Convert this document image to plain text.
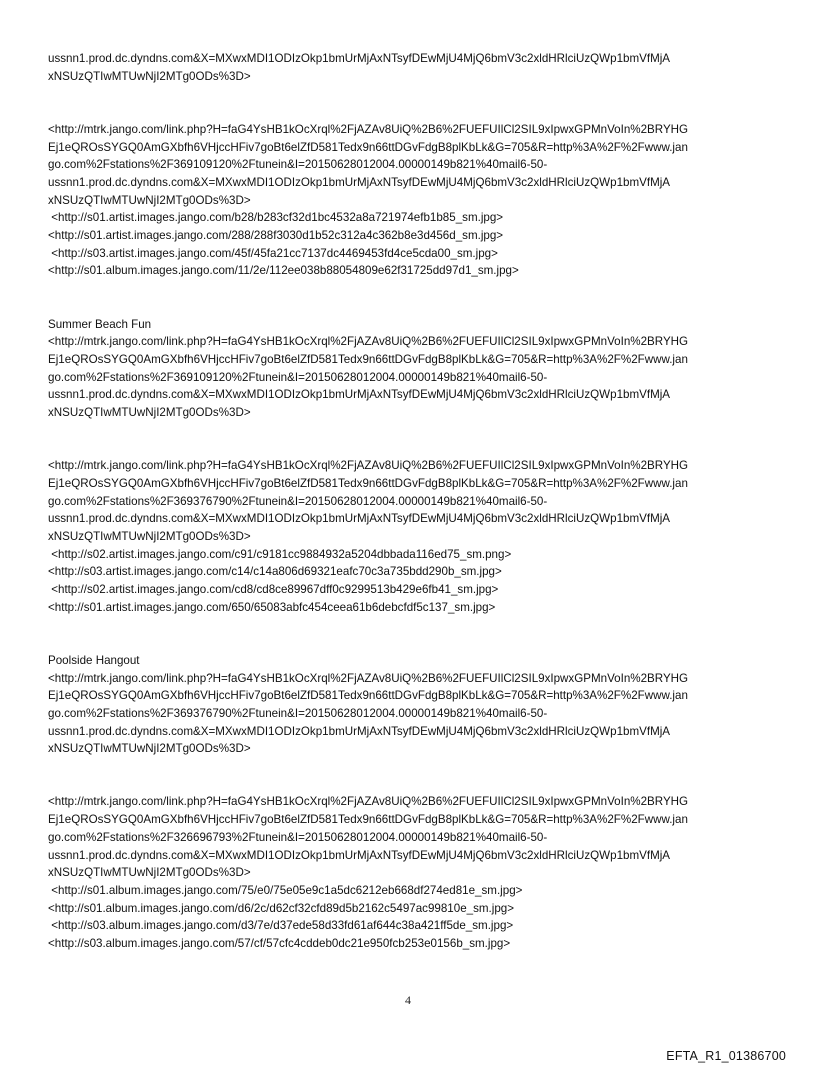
ussnn1.prod.dc.dyndns.com&X=MXwxMDI1ODIzOkp1bmUrMjAxNTsyfDEwMjU4MjQ6bmV3c2xldHRlciUzQWp1bmVfMjA
xNSUzQTIwMTUwNjI2MTg0ODs%3D>
<http://mtrk.jango.com/link.php?H=faG4YsHB1kOcXrql%2FjAZAv8UiQ%2B6%2FUEFUIlCl2SIL9xIpwxGPMnVoIn%2BRYHG
Ej1eQROsSYGQ0AmGXbfh6VHjccHFiv7goBt6elZfD581Tedx9n66ttDGvFdgB8plKbLk&G=705&R=http%3A%2F%2Fwww.jan
go.com%2Fstations%2F369109120%2Ftunein&I=20150628012004.00000149b821%40mail6-50-
ussnn1.prod.dc.dyndns.com&X=MXwxMDI1ODIzOkp1bmUrMjAxNTsyfDEwMjU4MjQ6bmV3c2xldHRlciUzQWp1bmVfMjA
xNSUzQTIwMTUwNjI2MTg0ODs%3D>
<http://s01.artist.images.jango.com/b28/b283cf32d1bc4532a8a721974efb1b85_sm.jpg>
<http://s01.artist.images.jango.com/288/288f3030d1b52c312a4c362b8e3d456d_sm.jpg>
<http://s03.artist.images.jango.com/45f/45fa21cc7137dc4469453fd4ce5cda00_sm.jpg>
<http://s01.album.images.jango.com/11/2e/112ee038b88054809e62f31725dd97d1_sm.jpg>
Summer Beach Fun
<http://mtrk.jango.com/link.php?H=faG4YsHB1kOcXrql%2FjAZAv8UiQ%2B6%2FUEFUIlCl2SIL9xIpwxGPMnVoIn%2BRYHG
Ej1eQROsSYGQ0AmGXbfh6VHjccHFiv7goBt6elZfD581Tedx9n66ttDGvFdgB8plKbLk&G=705&R=http%3A%2F%2Fwww.jan
go.com%2Fstations%2F369109120%2Ftunein&I=20150628012004.00000149b821%40mail6-50-
ussnn1.prod.dc.dyndns.com&X=MXwxMDI1ODIzOkp1bmUrMjAxNTsyfDEwMjU4MjQ6bmV3c2xldHRlciUzQWp1bmVfMjA
xNSUzQTIwMTUwNjI2MTg0ODs%3D>
<http://mtrk.jango.com/link.php?H=faG4YsHB1kOcXrql%2FjAZAv8UiQ%2B6%2FUEFUIlCl2SIL9xIpwxGPMnVoIn%2BRYHG
Ej1eQROsSYGQ0AmGXbfh6VHjccHFiv7goBt6elZfD581Tedx9n66ttDGvFdgB8plKbLk&G=705&R=http%3A%2F%2Fwww.jan
go.com%2Fstations%2F369376790%2Ftunein&I=20150628012004.00000149b821%40mail6-50-
ussnn1.prod.dc.dyndns.com&X=MXwxMDI1ODIzOkp1bmUrMjAxNTsyfDEwMjU4MjQ6bmV3c2xldHRlciUzQWp1bmVfMjA
xNSUzQTIwMTUwNjI2MTg0ODs%3D>
<http://s02.artist.images.jango.com/c91/c9181cc9884932a5204dbbada116ed75_sm.png>
<http://s03.artist.images.jango.com/c14/c14a806d69321eafc70c3a735bdd290b_sm.jpg>
<http://s02.artist.images.jango.com/cd8/cd8ce89967dff0c9299513b429e6fb41_sm.jpg>
<http://s01.artist.images.jango.com/650/65083abfc454ceea61b6debcfdf5c137_sm.jpg>
Poolside Hangout
<http://mtrk.jango.com/link.php?H=faG4YsHB1kOcXrql%2FjAZAv8UiQ%2B6%2FUEFUIlCl2SIL9xIpwxGPMnVoIn%2BRYHG
Ej1eQROsSYGQ0AmGXbfh6VHjccHFiv7goBt6elZfD581Tedx9n66ttDGvFdgB8plKbLk&G=705&R=http%3A%2F%2Fwww.jan
go.com%2Fstations%2F369376790%2Ftunein&I=20150628012004.00000149b821%40mail6-50-
ussnn1.prod.dc.dyndns.com&X=MXwxMDI1ODIzOkp1bmUrMjAxNTsyfDEwMjU4MjQ6bmV3c2xldHRlciUzQWp1bmVfMjA
xNSUzQTIwMTUwNjI2MTg0ODs%3D>
<http://mtrk.jango.com/link.php?H=faG4YsHB1kOcXrql%2FjAZAv8UiQ%2B6%2FUEFUIlCl2SIL9xIpwxGPMnVoIn%2BRYHG
Ej1eQROsSYGQ0AmGXbfh6VHjccHFiv7goBt6elZfD581Tedx9n66ttDGvFdgB8plKbLk&G=705&R=http%3A%2F%2Fwww.jan
go.com%2Fstations%2F326696793%2Ftunein&I=20150628012004.00000149b821%40mail6-50-
ussnn1.prod.dc.dyndns.com&X=MXwxMDI1ODIzOkp1bmUrMjAxNTsyfDEwMjU4MjQ6bmV3c2xldHRlciUzQWp1bmVfMjA
xNSUzQTIwMTUwNjI2MTg0ODs%3D>
<http://s01.album.images.jango.com/75/e0/75e05e9c1a5dc6212eb668df274ed81e_sm.jpg>
<http://s01.album.images.jango.com/d6/2c/d62cf32cfd89d5b2162c5497ac99810e_sm.jpg>
<http://s03.album.images.jango.com/d3/7e/d37ede58d33fd61af644c38a421ff5de_sm.jpg>
<http://s03.album.images.jango.com/57/cf/57cfc4cddeb0dc21e950fcb253e0156b_sm.jpg>
4
EFTA_R1_01386700
